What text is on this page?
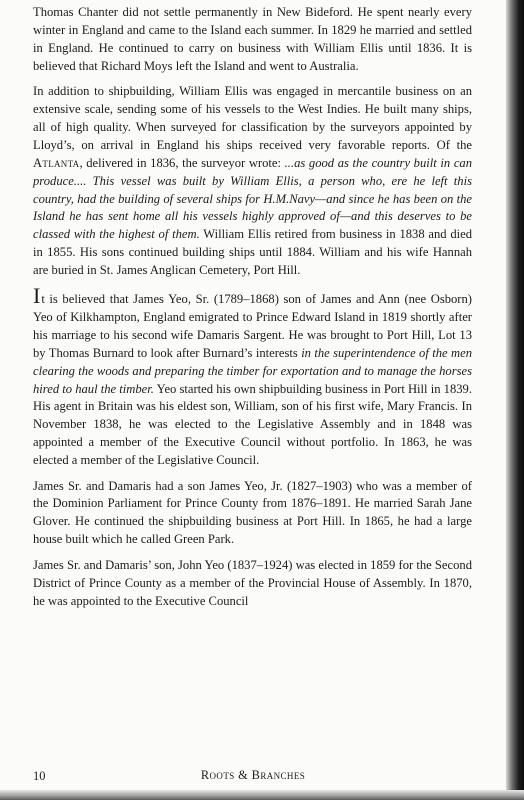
Thomas Chanter did not settle permanently in New Bideford. He spent nearly every winter in England and came to the Island each summer. In 1829 he married and settled in England. He continued to carry on business with William Ellis until 1836. It is believed that Richard Moys left the Island and went to Australia.

In addition to shipbuilding, William Ellis was engaged in mercantile business on an extensive scale, sending some of his vessels to the West Indies. He built many ships, all of high quality. When surveyed for classification by the surveyors appointed by Lloyd’s, on arrival in England his ships received very favorable reports. Of the Atlanta, delivered in 1836, the surveyor wrote: ...as good as the country built in can produce.... This vessel was built by William Ellis, a person who, ere he left this country, had the building of several ships for H.M.Navy—and since he has been on the Island he has sent home all his vessels highly approved of—and this deserves to be classed with the highest of them. William Ellis retired from business in 1838 and died in 1855. His sons continued building ships until 1884. William and his wife Hannah are buried in St. James Anglican Cemetery, Port Hill.

It is believed that James Yeo, Sr. (1789–1868) son of James and Ann (nee Osborn) Yeo of Kilkhampton, England emigrated to Prince Edward Island in 1819 shortly after his marriage to his second wife Damaris Sargent. He was brought to Port Hill, Lot 13 by Thomas Burnard to look after Burnard’s interests in the superintendence of the men clearing the woods and preparing the timber for exportation and to manage the horses hired to haul the timber. Yeo started his own shipbuilding business in Port Hill in 1839. His agent in Britain was his eldest son, William, son of his first wife, Mary Francis. In November 1838, he was elected to the Legislative Assembly and in 1848 was appointed a member of the Executive Council without portfolio. In 1863, he was elected a member of the Legislative Council.

James Sr. and Damaris had a son James Yeo, Jr. (1827–1903) who was a member of the Dominion Parliament for Prince County from 1876–1891. He married Sarah Jane Glover. He continued the shipbuilding business at Port Hill. In 1865, he had a large house built which he called Green Park.

James Sr. and Damaris’ son, John Yeo (1837–1924) was elected in 1859 for the Second District of Prince County as a member of the Provincial House of Assembly. In 1870, he was appointed to the Executive Council

10	Roots & Branches
